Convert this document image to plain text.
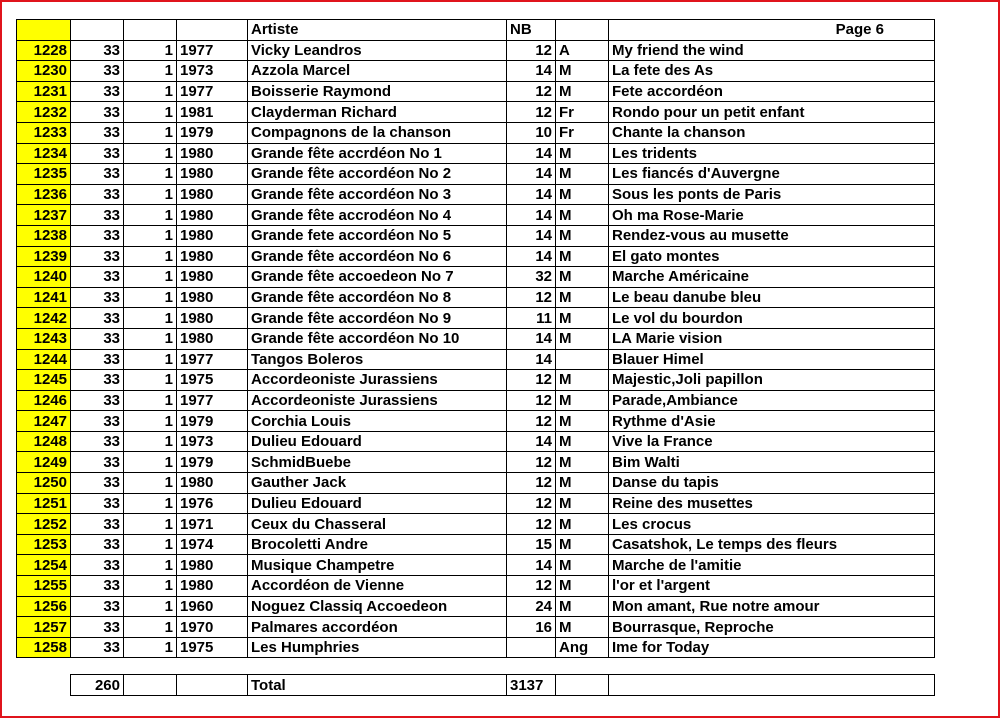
				Artiste	NB		Page 6
1228	33	1	1977	Vicky Leandros	12	A	My friend the wind
1230	33	1	1973	Azzola Marcel	14	M	La fete des As
1231	33	1	1977	Boisserie Raymond	12	M	Fete accordéon
1232	33	1	1981	Clayderman Richard	12	Fr	Rondo pour un petit enfant
1233	33	1	1979	Compagnons de la chanson	10	Fr	Chante la chanson
1234	33	1	1980	Grande fête accrdéon No 1	14	M	Les tridents
1235	33	1	1980	Grande fête accordéon No 2	14	M	Les fiancés d'Auvergne
1236	33	1	1980	Grande fête accordéon No 3	14	M	Sous les ponts de Paris
1237	33	1	1980	Grande fête accrodéon No 4	14	M	Oh ma Rose-Marie
1238	33	1	1980	Grande fete accordéon No 5	14	M	Rendez-vous au musette
1239	33	1	1980	Grande fête accordéon No 6	14	M	El gato montes
1240	33	1	1980	Grande fête accoedeon No 7	32	M	Marche Américaine
1241	33	1	1980	Grande fête accordéon No 8	12	M	Le beau danube bleu
1242	33	1	1980	Grande fête accordéon No 9	11	M	Le vol du bourdon
1243	33	1	1980	Grande fête accordéon No 10	14	M	LA Marie vision
1244	33	1	1977	Tangos Boleros	14		Blauer Himel
1245	33	1	1975	Accordeoniste Jurassiens	12	M	Majestic,Joli papillon
1246	33	1	1977	Accordeoniste Jurassiens	12	M	Parade,Ambiance
1247	33	1	1979	Corchia Louis	12	M	Rythme d'Asie
1248	33	1	1973	Dulieu Edouard	14	M	Vive la France
1249	33	1	1979	SchmidBuebe	12	M	Bim Walti
1250	33	1	1980	Gauther Jack	12	M	Danse du tapis
1251	33	1	1976	Dulieu Edouard	12	M	Reine des musettes
1252	33	1	1971	Ceux du Chasseral	12	M	Les crocus
1253	33	1	1974	Brocoletti Andre	15	M	Casatshok, Le temps des fleurs
1254	33	1	1980	Musique Champetre	14	M	Marche de l'amitie
1255	33	1	1980	Accordéon de Vienne	12	M	l'or et l'argent
1256	33	1	1960	Noguez Classiq Accoedeon	24	M	Mon amant, Rue notre amour
1257	33	1	1970	Palmares accordéon	16	M	Bourrasque, Reproche
1258	33	1	1975	Les Humphries		Ang	Ime for Today

	260			Total	3137		
